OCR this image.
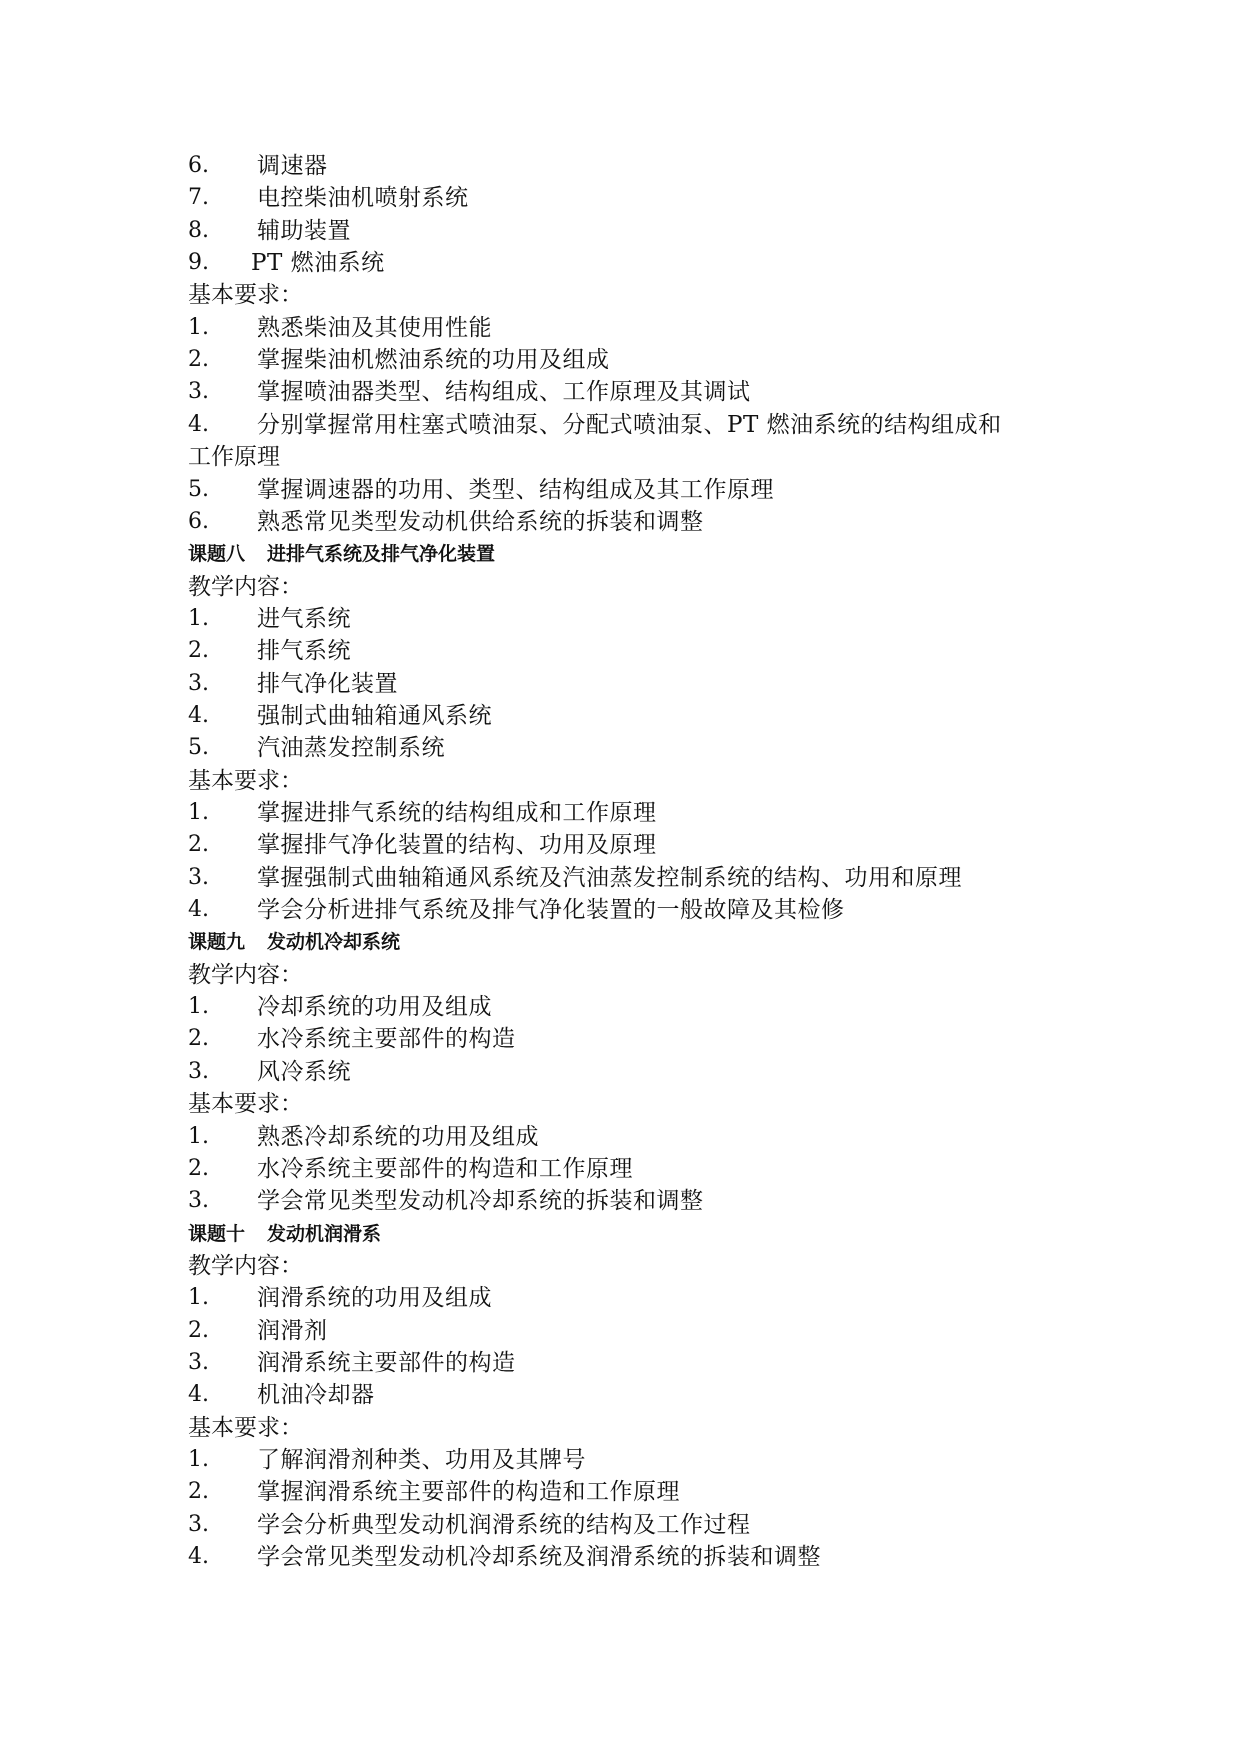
6. 调速器
7. 电控柴油机喷射系统
8. 辅助装置
9. PT 燃油系统
基本要求：
1. 熟悉柴油及其使用性能
2. 掌握柴油机燃油系统的功用及组成
3. 掌握喷油器类型、结构组成、工作原理及其调试
4. 分别掌握常用柱塞式喷油泵、分配式喷油泵、PT 燃油系统的结构组成和
工作原理
5. 掌握调速器的功用、类型、结构组成及其工作原理
6. 熟悉常见类型发动机供给系统的拆装和调整
课题八 进排气系统及排气净化装置
教学内容：
1. 进气系统
2. 排气系统
3. 排气净化装置
4. 强制式曲轴箱通风系统
5. 汽油蒸发控制系统
基本要求：
1. 掌握进排气系统的结构组成和工作原理
2. 掌握排气净化装置的结构、功用及原理
3. 掌握强制式曲轴箱通风系统及汽油蒸发控制系统的结构、功用和原理
4. 学会分析进排气系统及排气净化装置的一般故障及其检修
课题九 发动机冷却系统
教学内容：
1. 冷却系统的功用及组成
2. 水冷系统主要部件的构造
3. 风冷系统
基本要求：
1. 熟悉冷却系统的功用及组成
2. 水冷系统主要部件的构造和工作原理
3. 学会常见类型发动机冷却系统的拆装和调整
课题十 发动机润滑系
教学内容：
1. 润滑系统的功用及组成
2. 润滑剂
3. 润滑系统主要部件的构造
4. 机油冷却器
基本要求：
1. 了解润滑剂种类、功用及其牌号
2. 掌握润滑系统主要部件的构造和工作原理
3. 学会分析典型发动机润滑系统的结构及工作过程
4. 学会常见类型发动机冷却系统及润滑系统的拆装和调整
